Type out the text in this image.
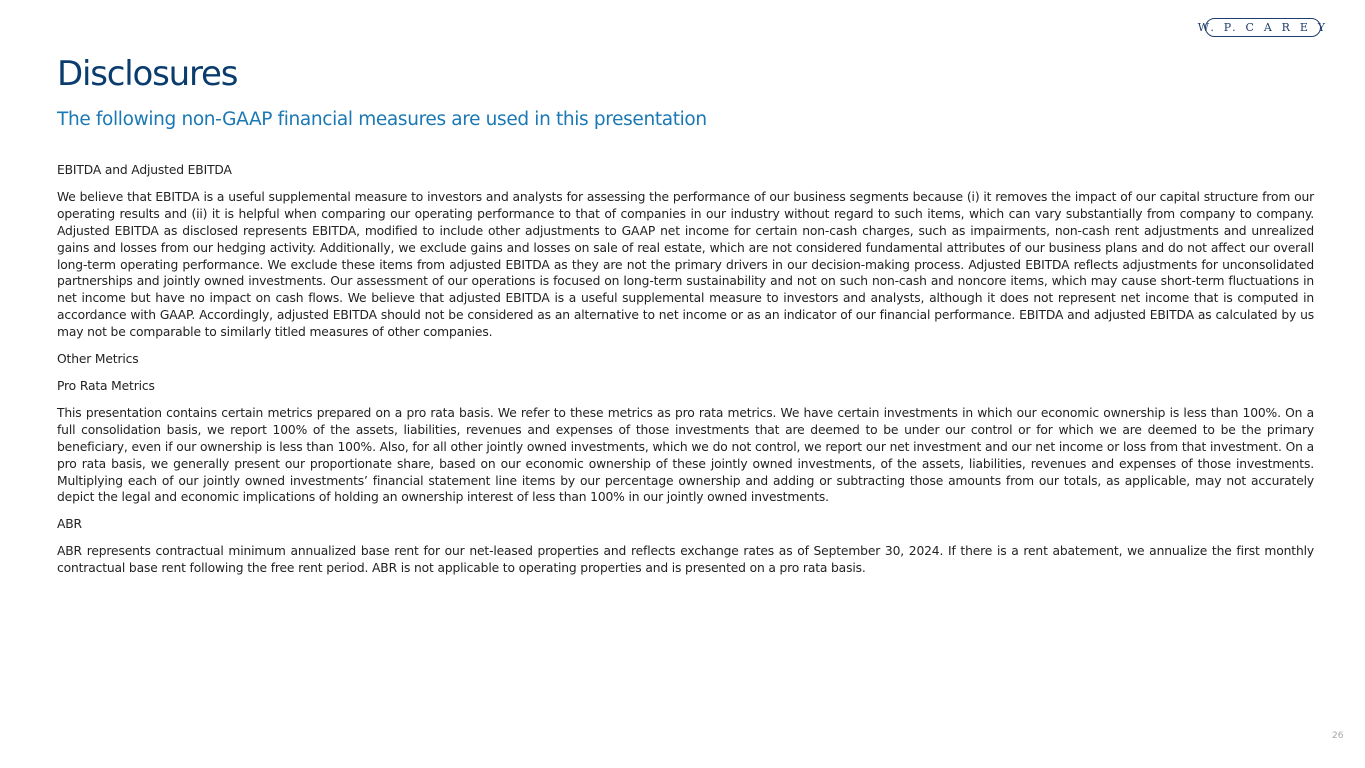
W. P. C A R E Y
Disclosures
The following non-GAAP financial measures are used in this presentation

EBITDA and Adjusted EBITDA

We believe that EBITDA is a useful supplemental measure to investors and analysts for assessing the performance of our business segments because (i) it removes the impact of our capital structure from our operating results and (ii) it is helpful when comparing our operating performance to that of companies in our industry without regard to such items, which can vary substantially from company to company. Adjusted EBITDA as disclosed represents EBITDA, modified to include other adjustments to GAAP net income for certain non-cash charges, such as impairments, non-cash rent adjustments and unrealized gains and losses from our hedging activity. Additionally, we exclude gains and losses on sale of real estate, which are not considered fundamental attributes of our business plans and do not affect our overall long-term operating performance. We exclude these items from adjusted EBITDA as they are not the primary drivers in our decision-making process. Adjusted EBITDA reflects adjustments for unconsolidated partnerships and jointly owned investments. Our assessment of our operations is focused on long-term sustainability and not on such non-cash and noncore items, which may cause short-term fluctuations in net income but have no impact on cash flows. We believe that adjusted EBITDA is a useful supplemental measure to investors and analysts, although it does not represent net income that is computed in accordance with GAAP. Accordingly, adjusted EBITDA should not be considered as an alternative to net income or as an indicator of our financial performance. EBITDA and adjusted EBITDA as calculated by us may not be comparable to similarly titled measures of other companies.

Other Metrics

Pro Rata Metrics

This presentation contains certain metrics prepared on a pro rata basis. We refer to these metrics as pro rata metrics. We have certain investments in which our economic ownership is less than 100%. On a full consolidation basis, we report 100% of the assets, liabilities, revenues and expenses of those investments that are deemed to be under our control or for which we are deemed to be the primary beneficiary, even if our ownership is less than 100%. Also, for all other jointly owned investments, which we do not control, we report our net investment and our net income or loss from that investment. On a pro rata basis, we generally present our proportionate share, based on our economic ownership of these jointly owned investments, of the assets, liabilities, revenues and expenses of those investments. Multiplying each of our jointly owned investments’ financial statement line items by our percentage ownership and adding or subtracting those amounts from our totals, as applicable, may not accurately depict the legal and economic implications of holding an ownership interest of less than 100% in our jointly owned investments.

ABR

ABR represents contractual minimum annualized base rent for our net-leased properties and reflects exchange rates as of September 30, 2024. If there is a rent abatement, we annualize the first monthly contractual base rent following the free rent period. ABR is not applicable to operating properties and is presented on a pro rata basis.

26
